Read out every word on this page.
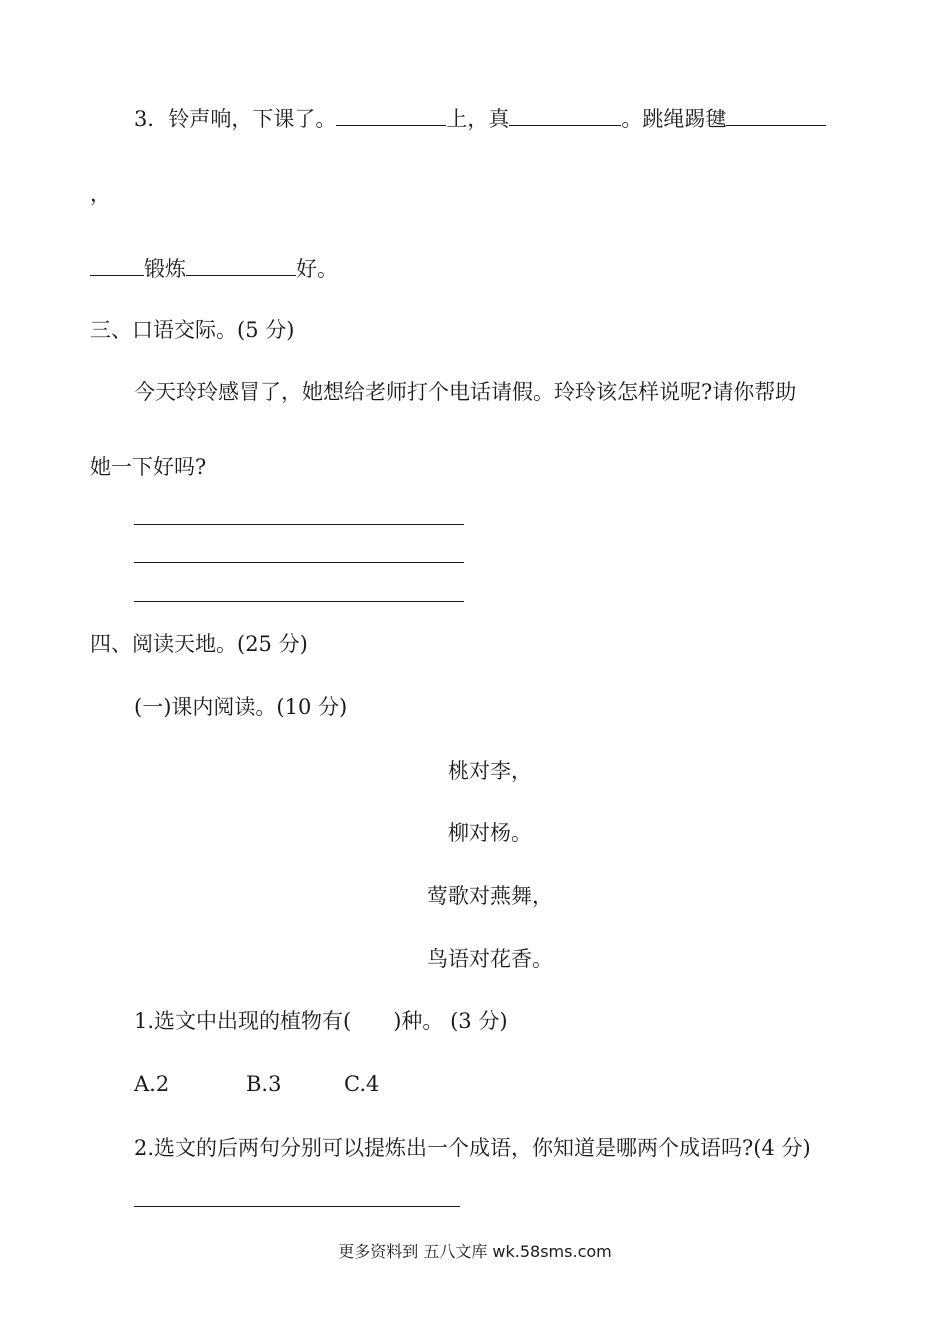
3．铃声响，下课了。	上，真	。跳绳踢毽
，
锻炼	好。
三、口语交际。(5 分)
今天玲玲感冒了，她想给老师打个电话请假。玲玲该怎样说呢?请你帮助
她一下好吗?
四、阅读天地。(25 分)
(一)课内阅读。(10 分)
桃对李，
柳对杨。
莺歌对燕舞，
鸟语对花香。
1.选文中出现的植物有(　　)种。 (3 分)
A.2	B.3	C.4
2.选文的后两句分别可以提炼出一个成语，你知道是哪两个成语吗?(4 分)
更多资料到 五八文库 wk.58sms.com
